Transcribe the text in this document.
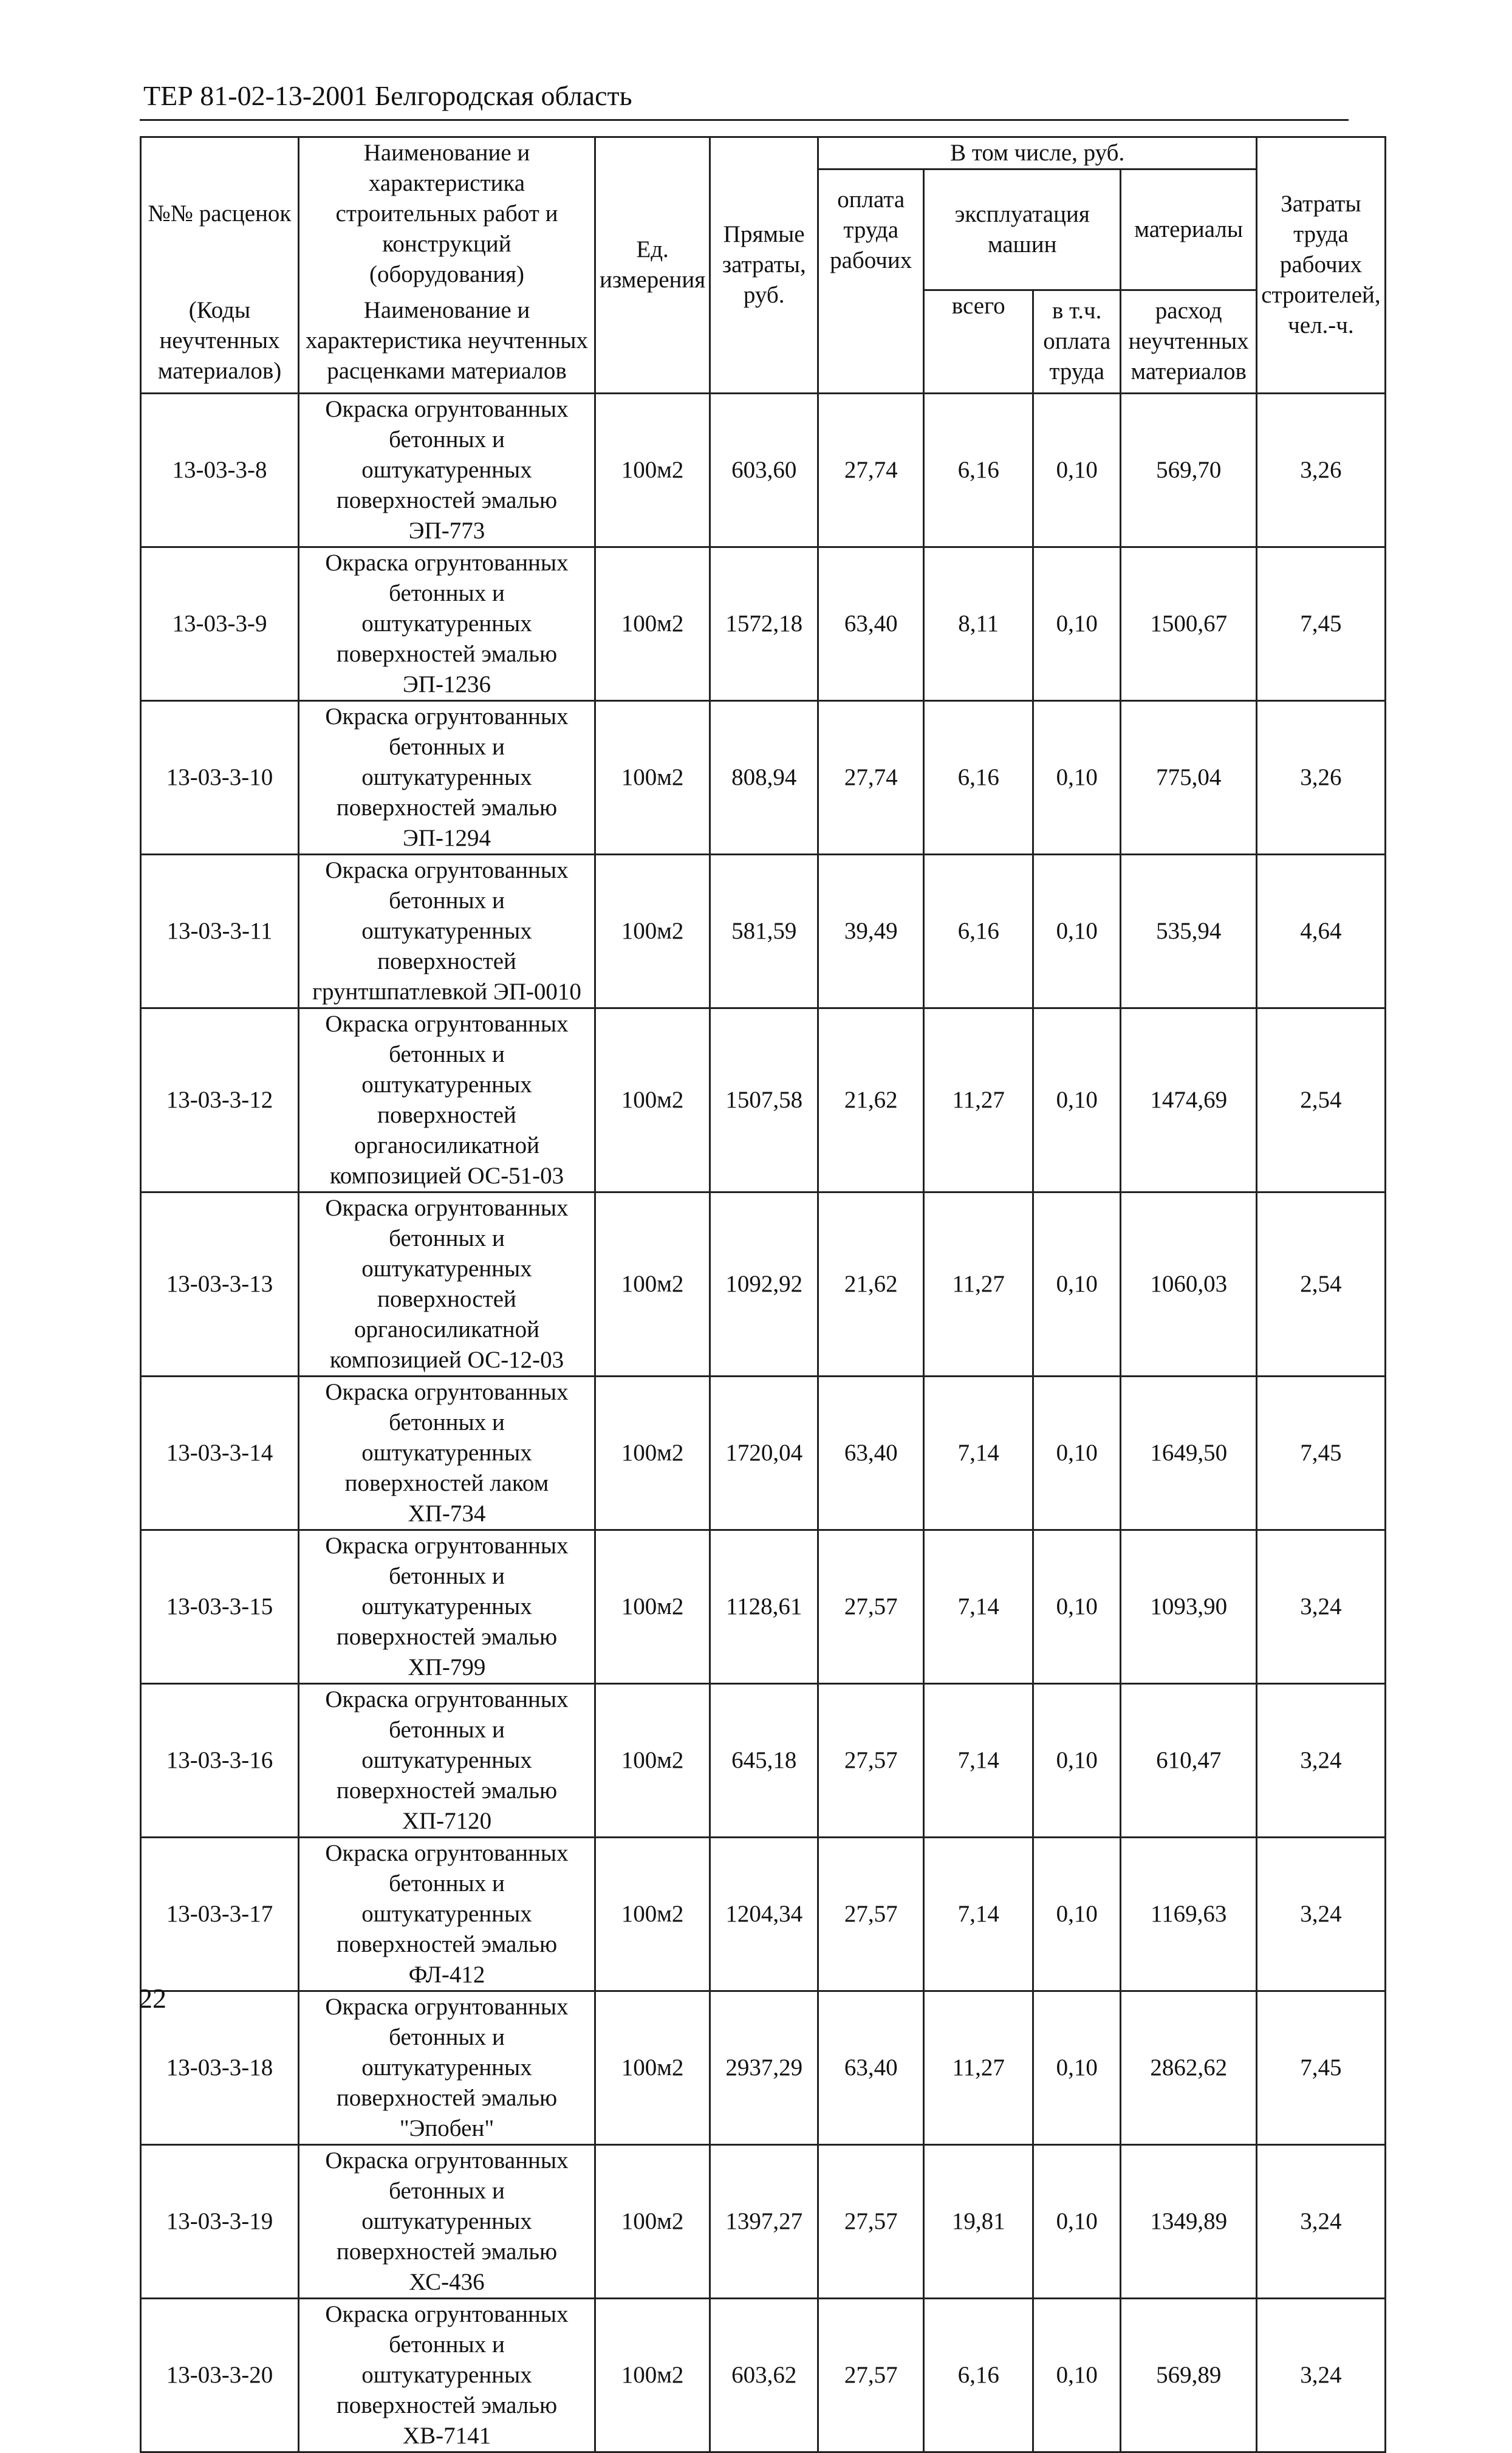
ТЕР 81-02-13-2001 Белгородская область
№№ расценок	Наименование и характеристика строительных работ и конструкций (оборудования)	Ед. измерения	Прямые затраты, руб.	В том числе, руб.				Затраты труда рабочих строителей, чел.-ч.
				оплата труда рабочих	эксплуатация машин		материалы	

(Коды неучтенных материалов)	Наименование и характеристика неучтенных расценками материалов				всего	в т.ч. оплата труда	расход неучтенных материалов	

13-03-3-8	Окраска огрунтованных бетонных и оштукатуренных поверхностей эмалью ЭП-773	100м2	603,60	27,74	6,16	0,10	569,70	3,26
13-03-3-9	Окраска огрунтованных бетонных и оштукатуренных поверхностей эмалью ЭП-1236	100м2	1572,18	63,40	8,11	0,10	1500,67	7,45
13-03-3-10	Окраска огрунтованных бетонных и оштукатуренных поверхностей эмалью ЭП-1294	100м2	808,94	27,74	6,16	0,10	775,04	3,26
13-03-3-11	Окраска огрунтованных бетонных и оштукатуренных поверхностей грунтшпатлевкой ЭП-0010	100м2	581,59	39,49	6,16	0,10	535,94	4,64
13-03-3-12	Окраска огрунтованных бетонных и оштукатуренных поверхностей органосиликатной композицией ОС-51-03	100м2	1507,58	21,62	11,27	0,10	1474,69	2,54
13-03-3-13	Окраска огрунтованных бетонных и оштукатуренных поверхностей органосиликатной композицией ОС-12-03	100м2	1092,92	21,62	11,27	0,10	1060,03	2,54
13-03-3-14	Окраска огрунтованных бетонных и оштукатуренных поверхностей лаком ХП-734	100м2	1720,04	63,40	7,14	0,10	1649,50	7,45
13-03-3-15	Окраска огрунтованных бетонных и оштукатуренных поверхностей эмалью ХП-799	100м2	1128,61	27,57	7,14	0,10	1093,90	3,24
13-03-3-16	Окраска огрунтованных бетонных и оштукатуренных поверхностей эмалью ХП-7120	100м2	645,18	27,57	7,14	0,10	610,47	3,24
13-03-3-17	Окраска огрунтованных бетонных и оштукатуренных поверхностей эмалью ФЛ-412	100м2	1204,34	27,57	7,14	0,10	1169,63	3,24
13-03-3-18	Окраска огрунтованных бетонных и оштукатуренных поверхностей эмалью "Эпобен"	100м2	2937,29	63,40	11,27	0,10	2862,62	7,45
13-03-3-19	Окраска огрунтованных бетонных и оштукатуренных поверхностей эмалью ХС-436	100м2	1397,27	27,57	19,81	0,10	1349,89	3,24
13-03-3-20	Окраска огрунтованных бетонных и оштукатуренных поверхностей эмалью ХВ-7141	100м2	603,62	27,57	6,16	0,10	569,89	3,24
22
